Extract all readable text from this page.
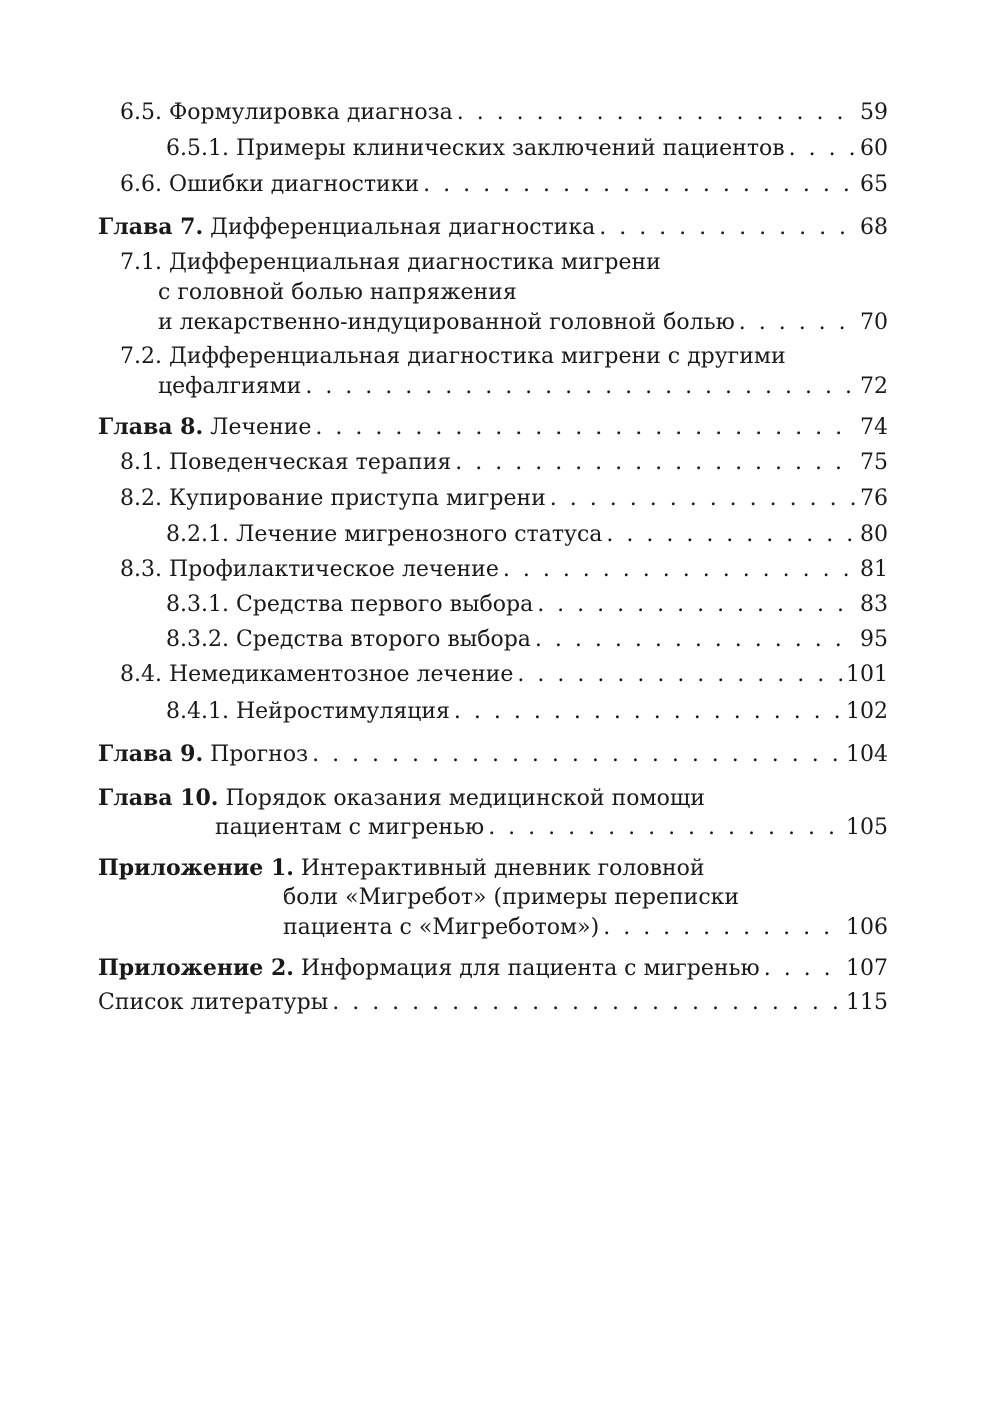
6.5. Формулировка диагноза . . .	59
6.5.1. Примеры клинических заключений пациентов . . .	60
6.6. Ошибки диагностики . . .	65
Глава 7.
Дифференциальная диагностика . . .	68
7.1. Дифференциальная диагностика мигрени
с головной болью напряжения
и лекарственно-индуцированной головной болью . . .	70
7.2. Дифференциальная диагностика мигрени с другими
цефалгиями . . .	72
Глава 8.
Лечение . . .	74
8.1. Поведенческая терапия . . .	75
8.2. Купирование приступа мигрени . . .	76
8.2.1. Лечение мигренозного статуса . . .	80
8.3. Профилактическое лечение . . .	81
8.3.1. Средства первого выбора . . .	83
8.3.2. Средства второго выбора . . .	95
8.4. Немедикаментозное лечение . . .	101
8.4.1. Нейростимуляция . . .	102
Глава 9.
Прогноз . . .	104
Глава 10.
Порядок оказания медицинской помощи
пациентам с мигренью . . .	105
Приложение 1.
Интерактивный дневник головной
боли «Мигребот» (примеры переписки
пациента с «Мигреботом») . . .	106
Приложение 2.
Информация для пациента с мигренью . . .	107
Список литературы . . .	115
